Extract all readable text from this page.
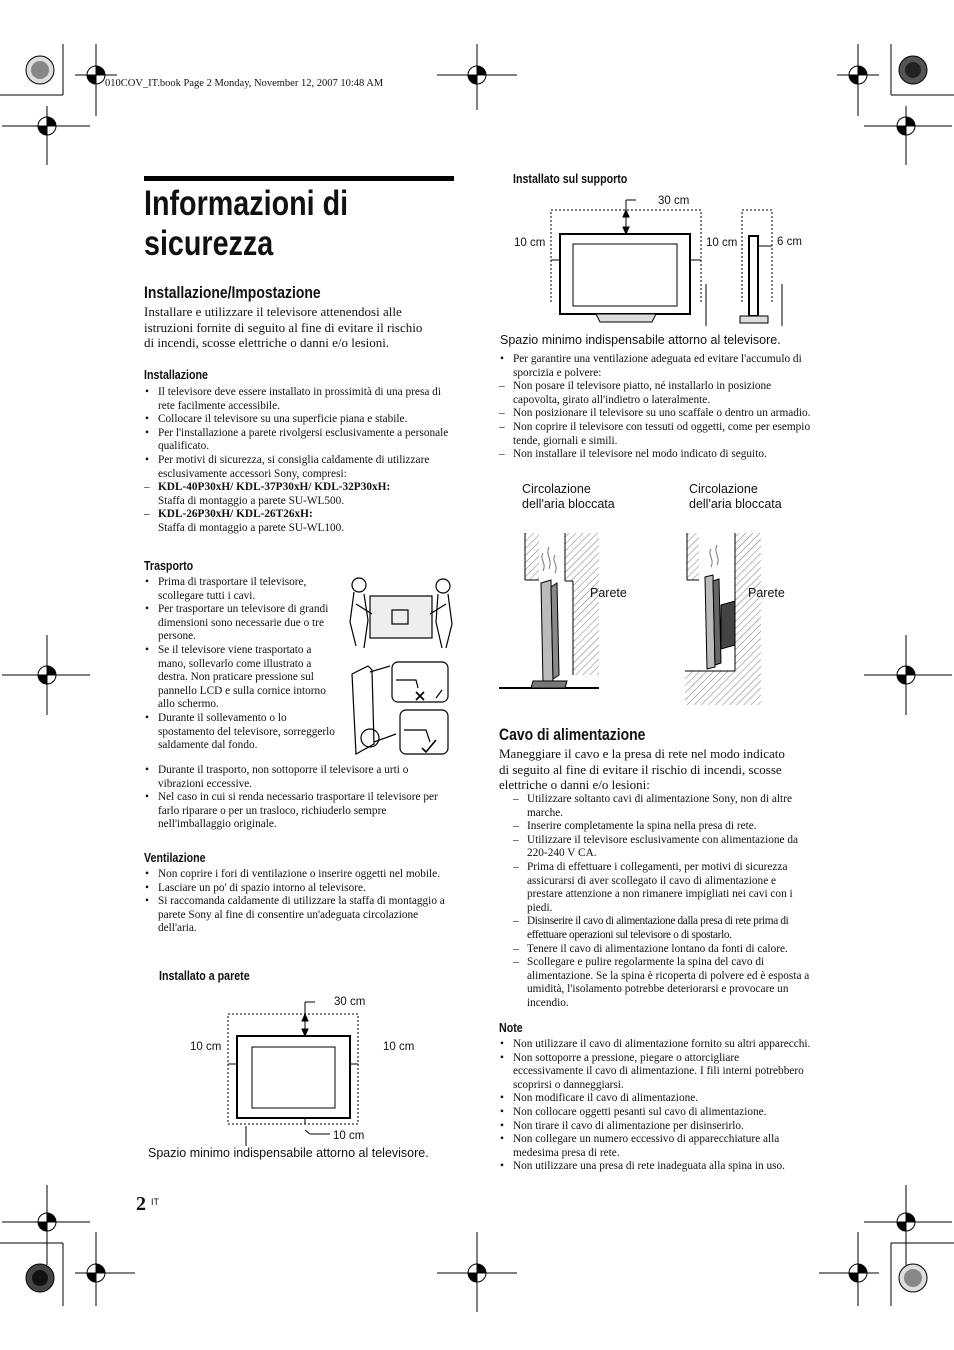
010COV_IT.book Page 2 Monday, November 12, 2007 10:48 AM
Informazioni di
sicurezza
Installazione/Impostazione
Installare e utilizzare il televisore attenendosi alle
istruzioni fornite di seguito al fine di evitare il rischio
di incendi, scosse elettriche o danni e/o lesioni.
Installazione
• Il televisore deve essere installato in prossimità di una presa di rete facilmente accessibile.
• Collocare il televisore su una superficie piana e stabile.
• Per l'installazione a parete rivolgersi esclusivamente a personale qualificato.
• Per motivi di sicurezza, si consiglia caldamente di utilizzare esclusivamente accessori Sony, compresi:
– KDL-40P30xH/ KDL-37P30xH/ KDL-32P30xH:
Staffa di montaggio a parete SU-WL500.
– KDL-26P30xH/ KDL-26T26xH:
Staffa di montaggio a parete SU-WL100.
Trasporto
• Prima di trasportare il televisore, scollegare tutti i cavi.
• Per trasportare un televisore di grandi dimensioni sono necessarie due o tre persone.
• Se il televisore viene trasportato a mano, sollevarlo come illustrato a destra. Non praticare pressione sul pannello LCD e sulla cornice intorno allo schermo.
• Durante il sollevamento o lo spostamento del televisore, sorreggerlo saldamente dal fondo.
• Durante il trasporto, non sottoporre il televisore a urti o vibrazioni eccessive.
• Nel caso in cui si renda necessario trasportare il televisore per farlo riparare o per un trasloco, richiuderlo sempre nell'imballaggio originale.
Ventilazione
• Non coprire i fori di ventilazione o inserire oggetti nel mobile.
• Lasciare un po' di spazio intorno al televisore.
• Si raccomanda caldamente di utilizzare la staffa di montaggio a parete Sony al fine di consentire un'adeguata circolazione dell'aria.
Installato a parete
30 cm
10 cm	10 cm
10 cm
Spazio minimo indispensabile attorno al televisore.
2 IT
Installato sul supporto
30 cm
10 cm	10 cm	6 cm
Spazio minimo indispensabile attorno al televisore.
• Per garantire una ventilazione adeguata ed evitare l'accumulo di sporcizia e polvere:
– Non posare il televisore piatto, né installarlo in posizione capovolta, girato all'indietro o lateralmente.
– Non posizionare il televisore su uno scaffale o dentro un armadio.
– Non coprire il televisore con tessuti od oggetti, come per esempio tende, giornali e simili.
– Non installare il televisore nel modo indicato di seguito.
Circolazione
dell'aria bloccata
Circolazione
dell'aria bloccata
Parete	Parete
Cavo di alimentazione
Maneggiare il cavo e la presa di rete nel modo indicato
di seguito al fine di evitare il rischio di incendi, scosse
elettriche o danni e/o lesioni:
– Utilizzare soltanto cavi di alimentazione Sony, non di altre marche.
– Inserire completamente la spina nella presa di rete.
– Utilizzare il televisore esclusivamente con alimentazione da 220-240 V CA.
– Prima di effettuare i collegamenti, per motivi di sicurezza assicurarsi di aver scollegato il cavo di alimentazione e prestare attenzione a non rimanere impigliati nei cavi con i piedi.
– Disinserire il cavo di alimentazione dalla presa di rete prima di effettuare operazioni sul televisore o di spostarlo.
– Tenere il cavo di alimentazione lontano da fonti di calore.
– Scollegare e pulire regolarmente la spina del cavo di alimentazione. Se la spina è ricoperta di polvere ed è esposta a umidità, l'isolamento potrebbe deteriorarsi e provocare un incendio.
Note
• Non utilizzare il cavo di alimentazione fornito su altri apparecchi.
• Non sottoporre a pressione, piegare o attorcigliare eccessivamente il cavo di alimentazione. I fili interni potrebbero scoprirsi o danneggiarsi.
• Non modificare il cavo di alimentazione.
• Non collocare oggetti pesanti sul cavo di alimentazione.
• Non tirare il cavo di alimentazione per disinserirlo.
• Non collegare un numero eccessivo di apparecchiature alla medesima presa di rete.
• Non utilizzare una presa di rete inadeguata alla spina in uso.
